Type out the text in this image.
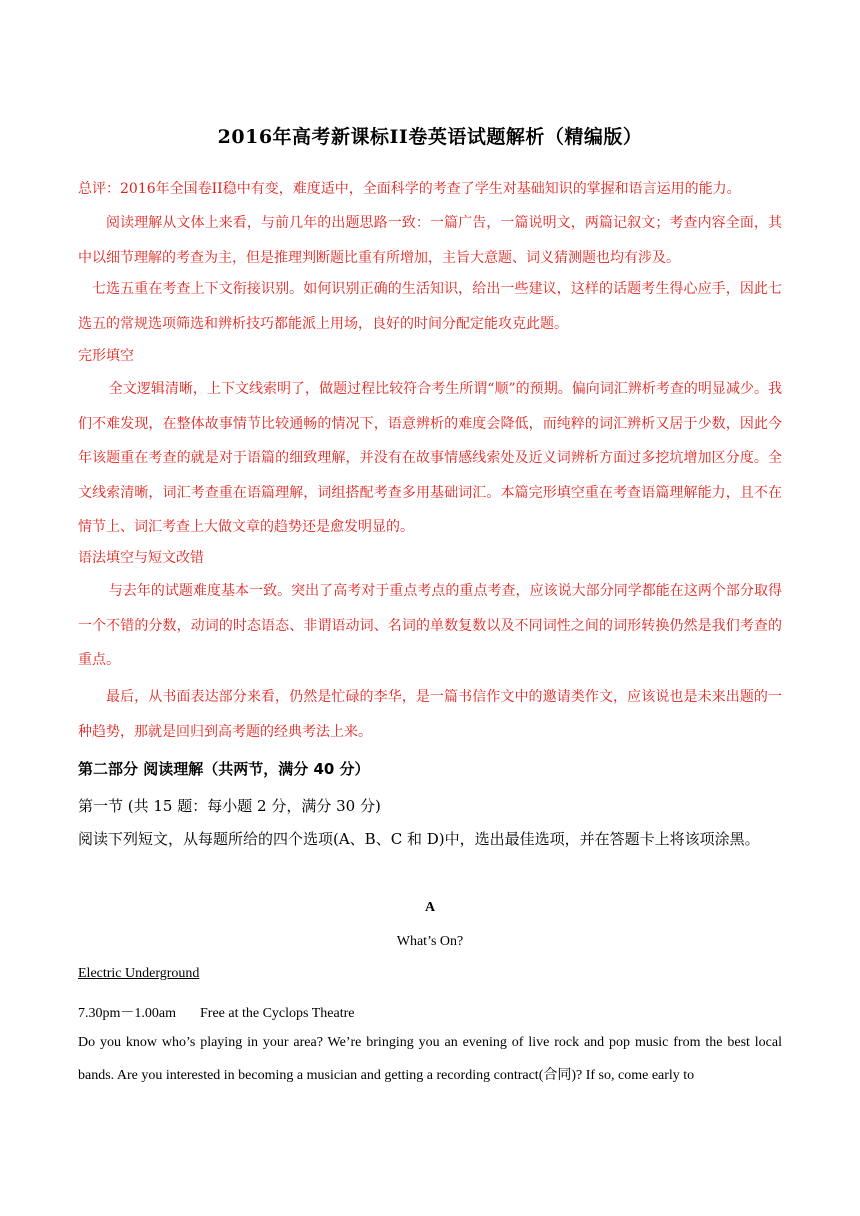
2016年高考新课标II卷英语试题解析（精编版）

总评：2016年全国卷II稳中有变，难度适中，全面科学的考查了学生对基础知识的掌握和语言运用的能力。

阅读理解从文体上来看，与前几年的出题思路一致：一篇广告，一篇说明文，两篇记叙文；考查内容全面，其中以细节理解的考查为主，但是推理判断题比重有所增加，主旨大意题、词义猜测题也均有涉及。

七选五重在考查上下文衔接识别。如何识别正确的生活知识，给出一些建议，这样的话题考生得心应手，因此七选五的常规选项筛选和辨析技巧都能派上用场，良好的时间分配定能攻克此题。

完形填空

全文逻辑清晰，上下文线索明了，做题过程比较符合考生所谓“顺”的预期。偏向词汇辨析考查的明显减少。我们不难发现，在整体故事情节比较通畅的情况下，语意辨析的难度会降低，而纯粹的词汇辨析又居于少数，因此今年该题重在考查的就是对于语篇的细致理解，并没有在故事情感线索处及近义词辨析方面过多挖坑增加区分度。全文线索清晰，词汇考查重在语篇理解，词组搭配考查多用基础词汇。本篇完形填空重在考查语篇理解能力，且不在情节上、词汇考查上大做文章的趋势还是愈发明显的。

语法填空与短文改错

与去年的试题难度基本一致。突出了高考对于重点考点的重点考查，应该说大部分同学都能在这两个部分取得一个不错的分数，动词的时态语态、非谓语动词、名词的单数复数以及不同词性之间的词形转换仍然是我们考查的重点。

最后，从书面表达部分来看，仍然是忙碌的李华，是一篇书信作文中的邀请类作文，应该说也是未来出题的一种趋势，那就是回归到高考题的经典考法上来。

第二部分 阅读理解（共两节，满分 40 分）
第一节 (共 15 题：每小题 2 分，满分 30 分)

阅读下列短文，从每题所给的四个选项(A、B、C 和 D)中，选出最佳选项，并在答题卡上将该项涂黑。

A
What’s On?
Electric Underground
7.30pm－1.00am Free at the Cyclops Theatre

Do you know who’s playing in your area? We’re bringing you an evening of live rock and pop music from the best local bands. Are you interested in becoming a musician and getting a recording contract(合同)? If so, come early to
